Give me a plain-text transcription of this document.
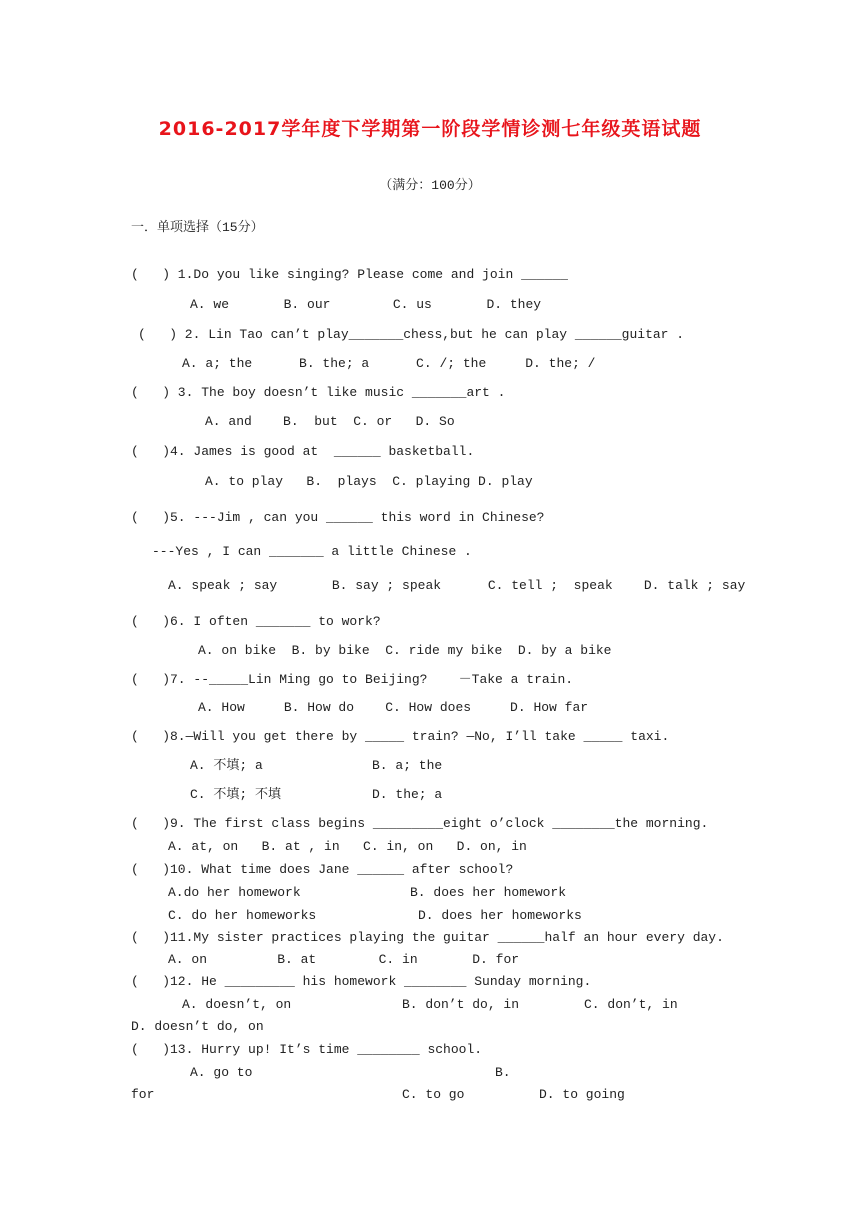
2016-2017学年度下学期第一阶段学情诊测七年级英语试题
（满分：100分）
一．单项选择（15分）
(   ) 1.Do you like singing? Please come and join ______
A. we       B. our        C. us       D. they
(   ) 2. Lin Tao can’t play_______chess,but he can play ______guitar .
A. a; the      B. the; a      C. /; the     D. the; /
(   ) 3. The boy doesn’t like music _______art .
A. and    B.  but  C. or   D. So
(   )4. James is good at  ______ basketball.
A. to play   B.  plays  C. playing D. play
(   )5. ---Jim , can you ______ this word in Chinese?
---Yes , I can _______ a little Chinese .
A. speak ; say       B. say ; speak      C. tell ;  speak    D. talk ; say
(   )6. I often _______ to work?
A. on bike  B. by bike  C. ride my bike  D. by a bike
(   )7. --_____Lin Ming go to Beijing?    －Take a train.
A. How     B. How do    C. How does     D. How far
(   )8.—Will you get there by _____ train? —No, I’ll take _____ taxi.
A. 不填; a	B. a; the
C. 不填; 不填	D. the; a
(   )9. The first class begins _________eight o’clock ________the morning.
A. at, on   B. at , in   C. in, on   D. on, in
(   )10. What time does Jane ______ after school?
A.do her homework	B. does her homework
C. do her homeworks	D. does her homeworks
(   )11.My sister practices playing the guitar ______half an hour every day.
A. on         B. at        C. in       D. for
(   )12. He _________ his homework ________ Sunday morning.
A. doesn’t, on	B. don’t do, in	C. don’t, in
D. doesn’t do, on
(   )13. Hurry up! It’s time ________ school.
A. go to	B.
for	C. to go	D. to going
